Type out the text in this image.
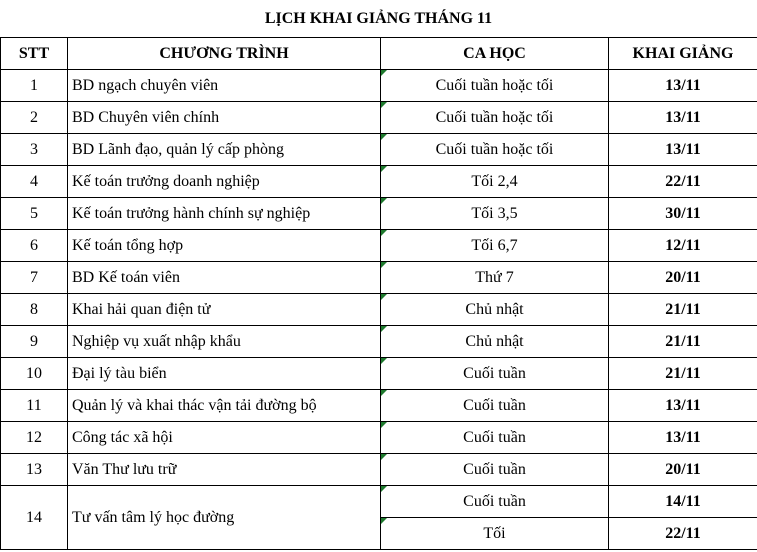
LỊCH KHAI GIẢNG THÁNG 11
STT	CHƯƠNG TRÌNH	CA HỌC	KHAI GIẢNG
1	BD ngạch chuyên viên	Cuối tuần hoặc tối	13/11
2	BD Chuyên viên chính	Cuối tuần hoặc tối	13/11
3	BD Lãnh đạo, quản lý cấp phòng	Cuối tuần hoặc tối	13/11
4	Kế toán trưởng doanh nghiệp	Tối 2,4	22/11
5	Kế toán trưởng hành chính sự nghiệp	Tối 3,5	30/11
6	Kế toán tổng hợp	Tối 6,7	12/11
7	BD Kế toán viên	Thứ 7	20/11
8	Khai hải quan điện tử	Chủ nhật	21/11
9	Nghiệp vụ xuất nhập khẩu	Chủ nhật	21/11
10	Đại lý tàu biển	Cuối tuần	21/11
11	Quản lý và khai thác vận tải đường bộ	Cuối tuần	13/11
12	Công tác xã hội	Cuối tuần	13/11
13	Văn Thư lưu trữ	Cuối tuần	20/11
14	Tư vấn tâm lý học đường	Cuối tuần	14/11
		Tối	22/11
